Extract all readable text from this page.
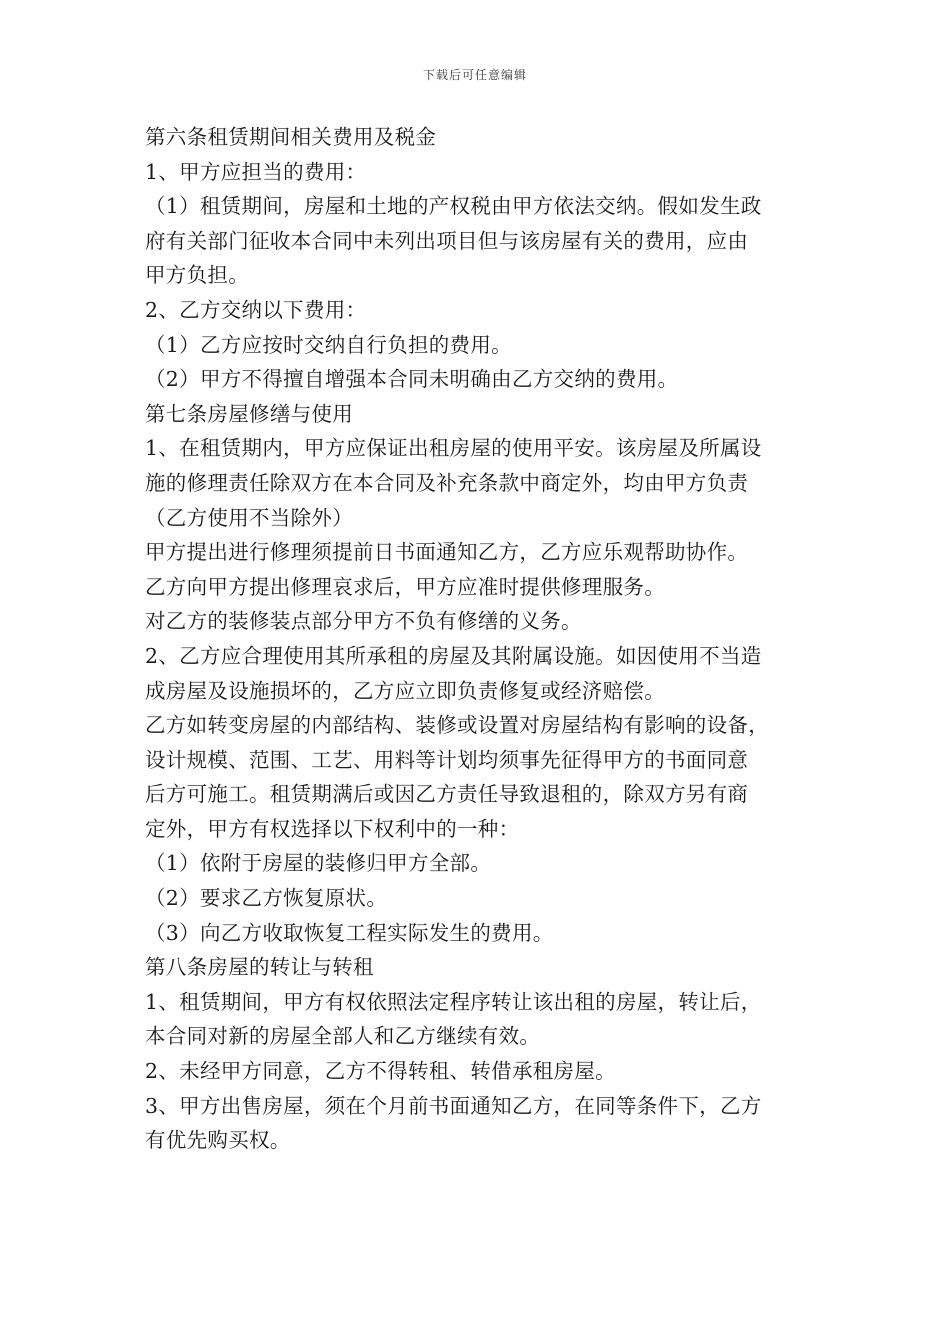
下载后可任意编辑
第六条租赁期间相关费用及税金
1、甲方应担当的费用：
（1）租赁期间，房屋和土地的产权税由甲方依法交纳。假如发生政
府有关部门征收本合同中未列出项目但与该房屋有关的费用，应由
甲方负担。
2、乙方交纳以下费用：
（1）乙方应按时交纳自行负担的费用。
（2）甲方不得擅自增强本合同未明确由乙方交纳的费用。
第七条房屋修缮与使用
1、在租赁期内，甲方应保证出租房屋的使用平安。该房屋及所属设
施的修理责任除双方在本合同及补充条款中商定外，均由甲方负责
（乙方使用不当除外）
甲方提出进行修理须提前日书面通知乙方，乙方应乐观帮助协作。
乙方向甲方提出修理哀求后，甲方应准时提供修理服务。
对乙方的装修装点部分甲方不负有修缮的义务。
2、乙方应合理使用其所承租的房屋及其附属设施。如因使用不当造
成房屋及设施损坏的，乙方应立即负责修复或经济赔偿。
乙方如转变房屋的内部结构、装修或设置对房屋结构有影响的设备，
设计规模、范围、工艺、用料等计划均须事先征得甲方的书面同意
后方可施工。租赁期满后或因乙方责任导致退租的，除双方另有商
定外，甲方有权选择以下权利中的一种：
（1）依附于房屋的装修归甲方全部。
（2）要求乙方恢复原状。
（3）向乙方收取恢复工程实际发生的费用。
第八条房屋的转让与转租
1、租赁期间，甲方有权依照法定程序转让该出租的房屋，转让后，
本合同对新的房屋全部人和乙方继续有效。
2、未经甲方同意，乙方不得转租、转借承租房屋。
3、甲方出售房屋，须在个月前书面通知乙方，在同等条件下，乙方
有优先购买权。
